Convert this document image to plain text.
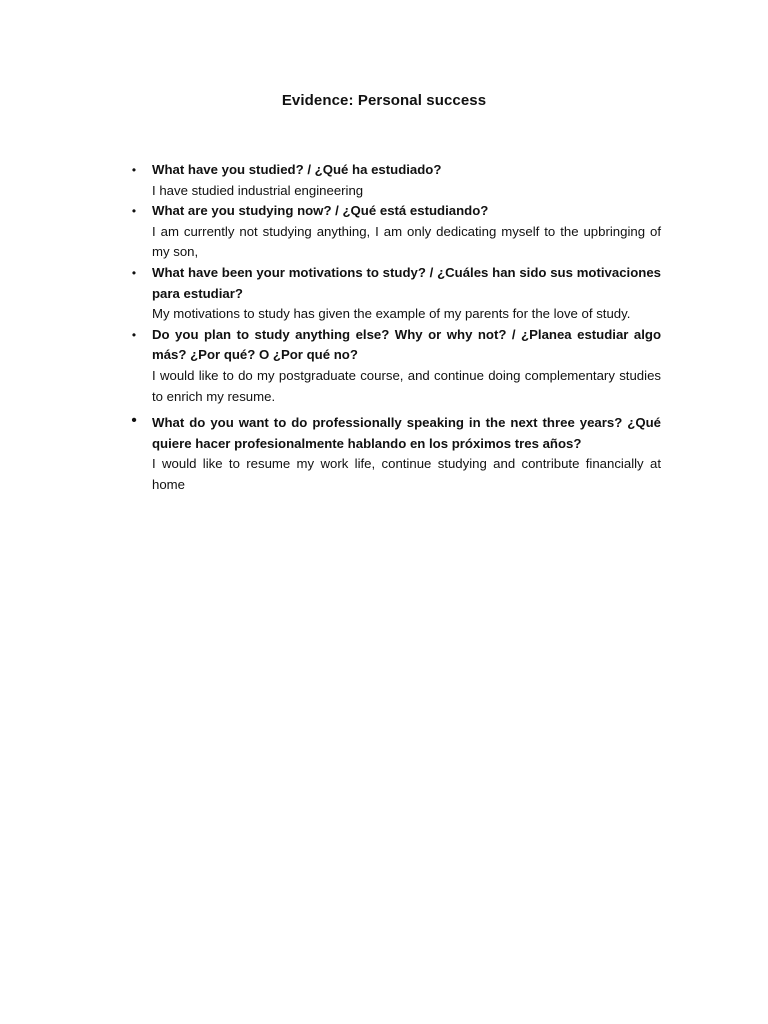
Evidence: Personal success
• What have you studied? / ¿Qué ha estudiado?
I have studied industrial engineering
• What are you studying now? / ¿Qué está estudiando?
I am currently not studying anything, I am only dedicating myself to the upbringing of my son,
• What have been your motivations to study? / ¿Cuáles han sido sus motivaciones para estudiar?
My motivations to study has given the example of my parents for the love of study.
• Do you plan to study anything else? Why or why not? / ¿Planea estudiar algo más? ¿Por qué? O ¿Por qué no?
I would like to do my postgraduate course, and continue doing complementary studies to enrich my resume.
• What do you want to do professionally speaking in the next three years? ¿Qué quiere hacer profesionalmente hablando en los próximos tres años?
I would like to resume my work life, continue studying and contribute financially at home
